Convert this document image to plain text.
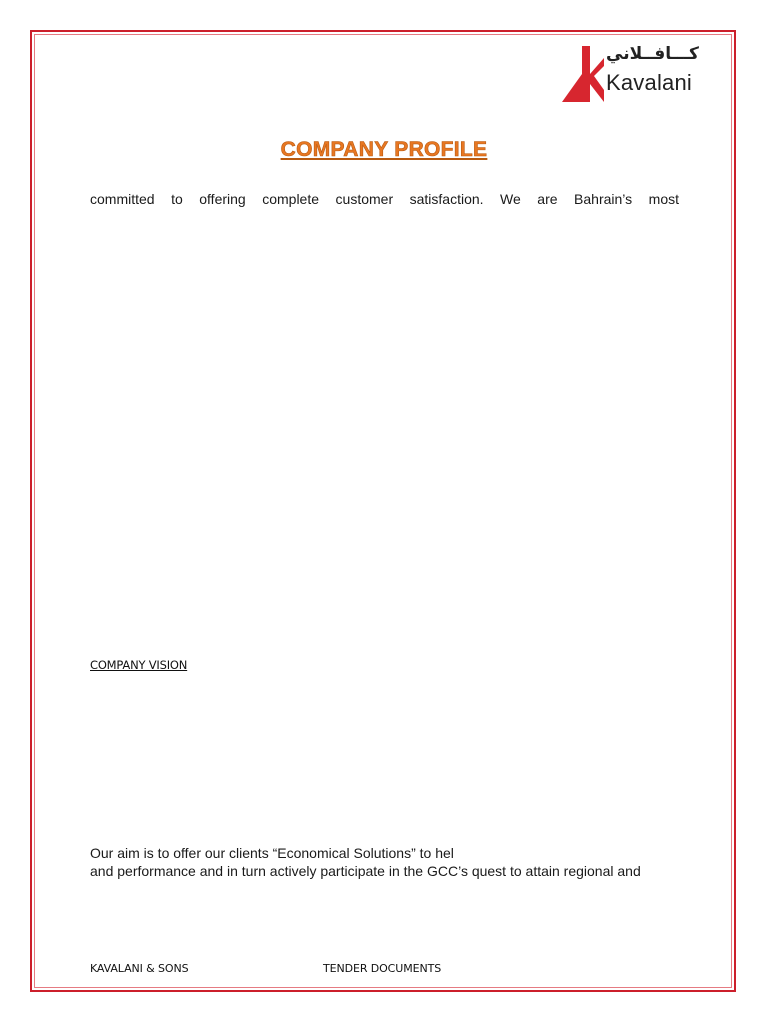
كـــافــلاني
Kavalani
COMPANY PROFILE
committed to offering complete customer satisfaction. We are Bahrain’s most
COMPANY VISION
Our aim is to offer our clients “Economical Solutions” to hel
and performance and in turn actively participate in the GCC’s quest to attain regional and
KAVALANI & SONS	TENDER DOCUMENTS
